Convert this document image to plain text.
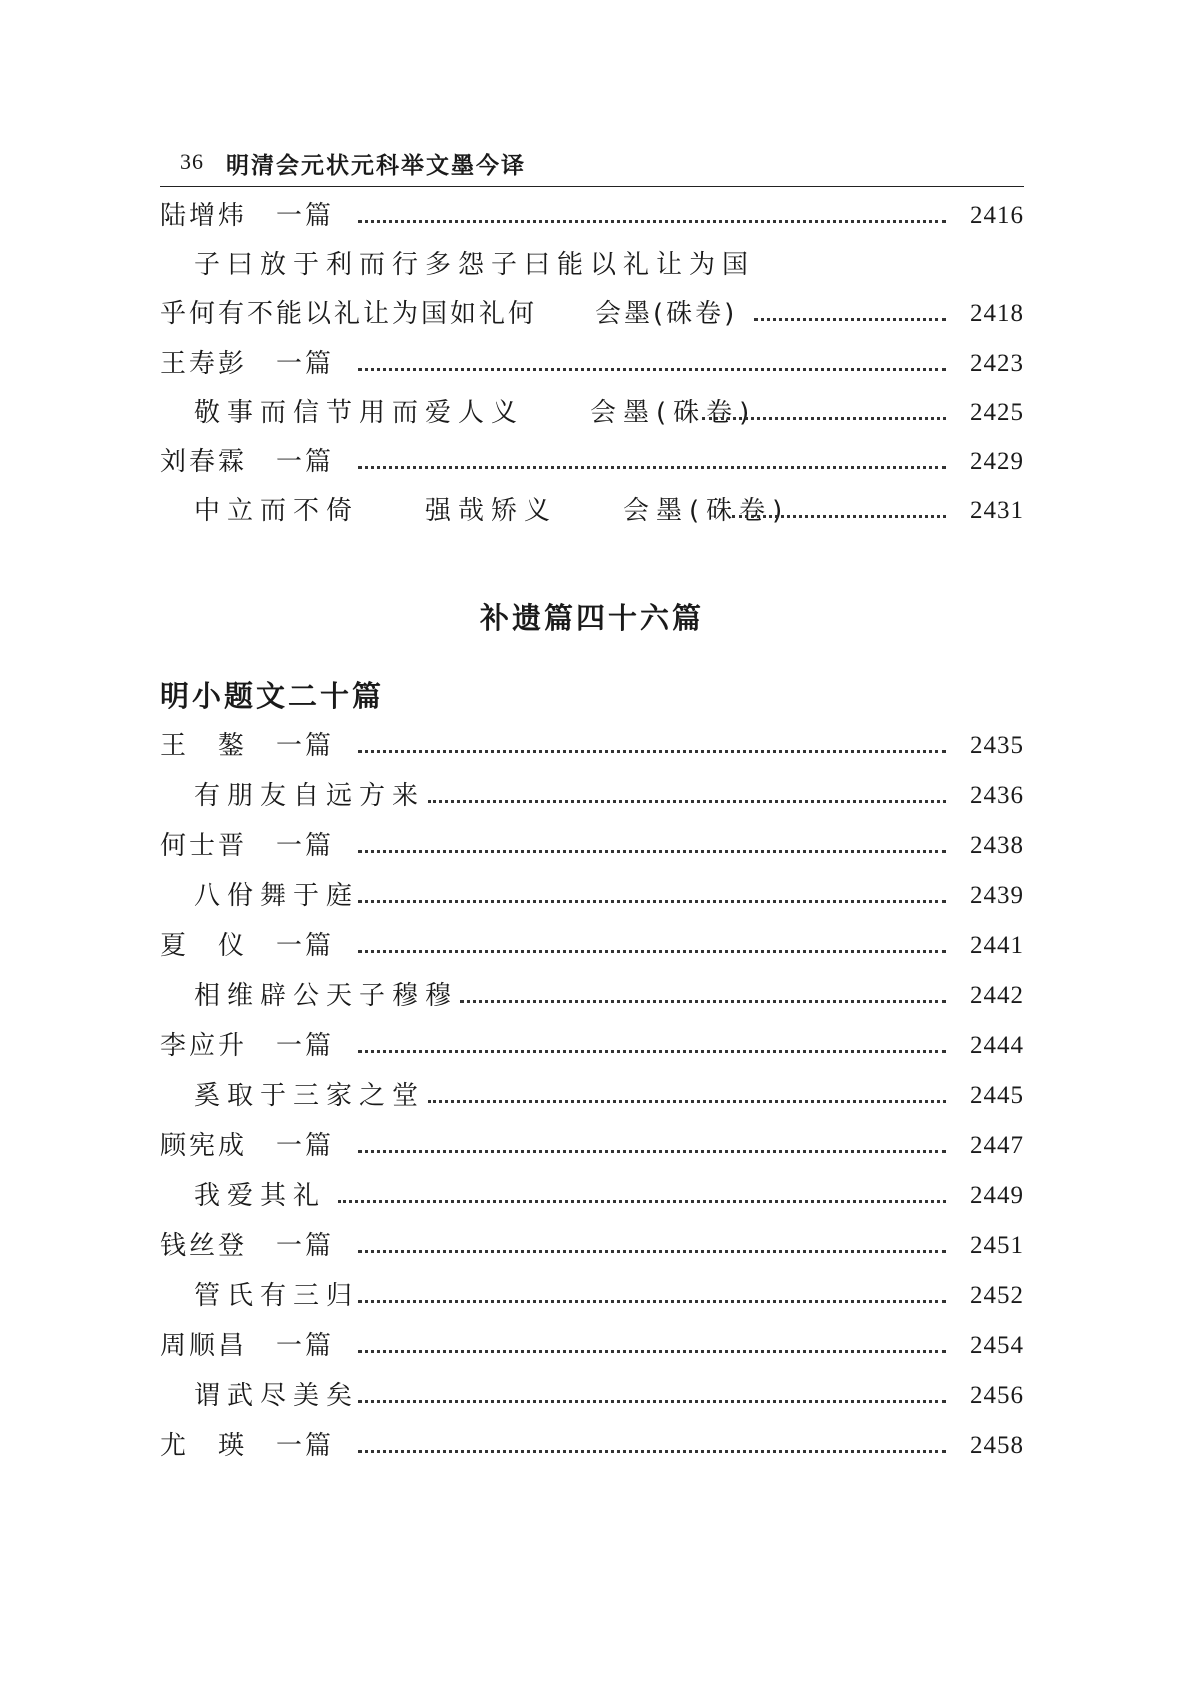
36 明清会元状元科举文墨今译
陆增炜　一篇	2416
子曰放于利而行多怨子曰能以礼让为国
乎何有不能以礼让为国如礼何　　会墨(硃卷)	2418
王寿彭　一篇	2423
敬事而信节用而爱人义　　会墨(硃卷)	2425
刘春霖　一篇	2429
中立而不倚　　强哉矫义　　会墨(硃卷)	2431
补遗篇四十六篇
明小题文二十篇
王　鏊　一篇	2435
有朋友自远方来	2436
何士晋　一篇	2438
八佾舞于庭	2439
夏　仪　一篇	2441
相维辟公天子穆穆	2442
李应升　一篇	2444
奚取于三家之堂	2445
顾宪成　一篇	2447
我爱其礼	2449
钱丝登　一篇	2451
管氏有三归	2452
周顺昌　一篇	2454
谓武尽美矣	2456
尤　瑛　一篇	2458
